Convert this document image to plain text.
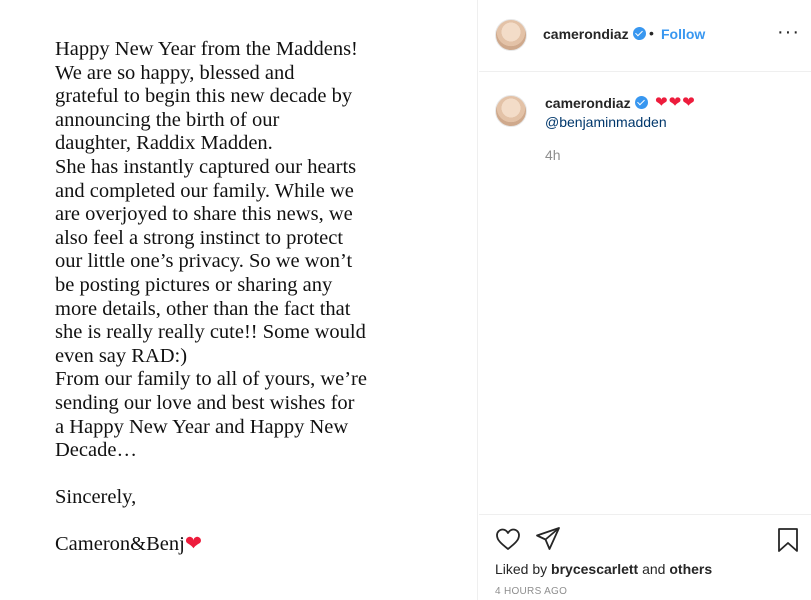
Happy New Year from the Maddens!

We are so happy, blessed and

grateful to begin this new decade by

announcing the birth of our

daughter, Raddix Madden.

She has instantly captured our hearts

and completed our family. While we

are overjoyed to share this news, we

also feel a strong instinct to protect

our little one’s privacy. So we won’t

be posting pictures or sharing any

more details, other than the fact that

she is really really cute!! Some would

even say RAD:)

From our family to all of yours, we’re

sending our love and best wishes for

a Happy New Year and Happy New

Decade…

Sincerely,

Cameron&Benj❤

camerondiaz	• Follow	···
camerondiaz	❤❤❤
@benjaminmadden
4h
Liked by brycescarlett and others
4 HOURS AGO
